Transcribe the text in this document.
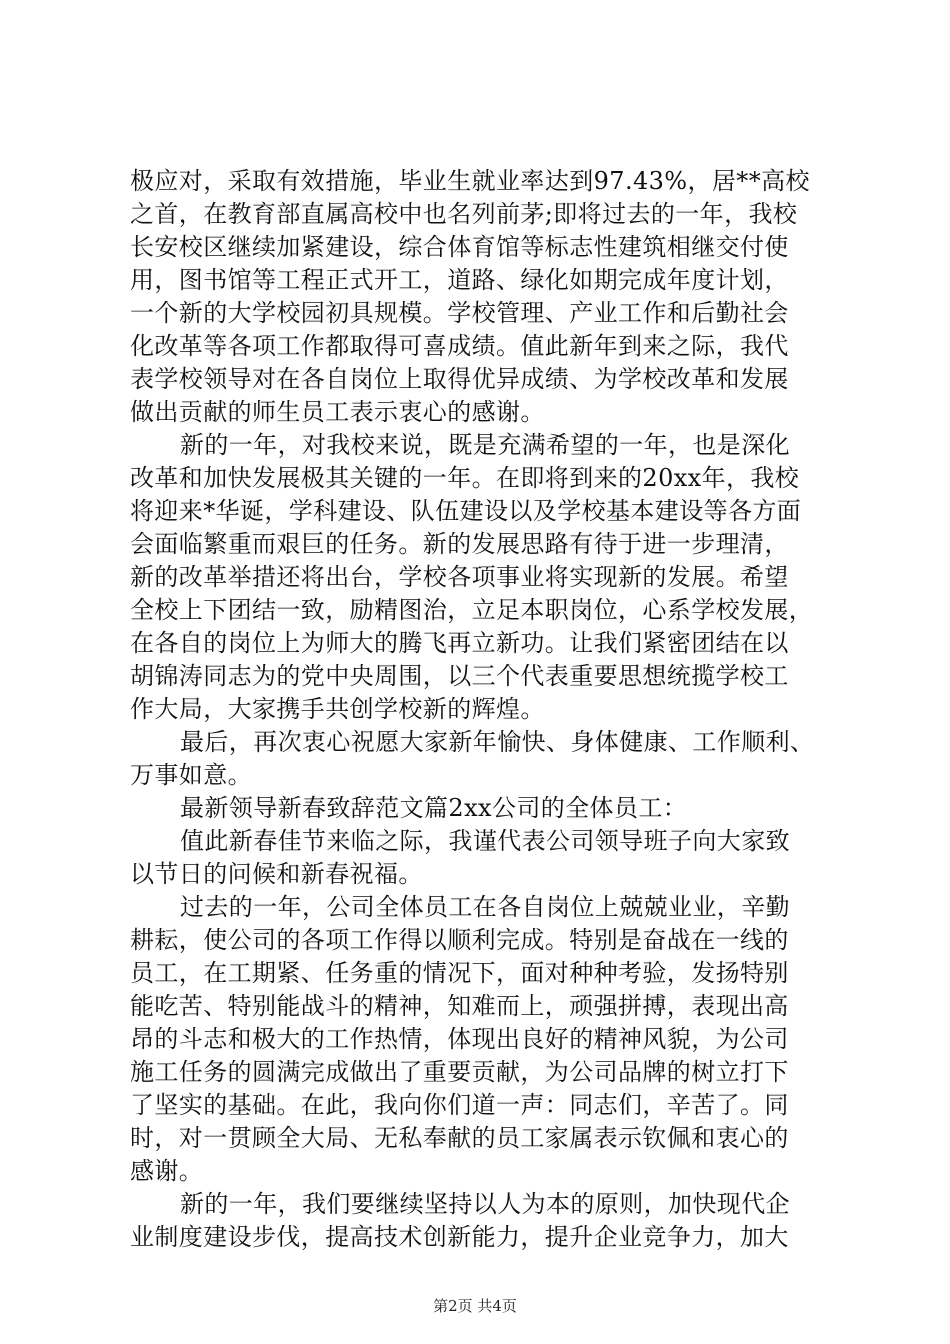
极应对，采取有效措施，毕业生就业率达到97.43%，居**高校
之首，在教育部直属高校中也名列前茅;即将过去的一年，我校
长安校区继续加紧建设，综合体育馆等标志性建筑相继交付使
用，图书馆等工程正式开工，道路、绿化如期完成年度计划，
一个新的大学校园初具规模。学校管理、产业工作和后勤社会
化改革等各项工作都取得可喜成绩。值此新年到来之际，我代
表学校领导对在各自岗位上取得优异成绩、为学校改革和发展
做出贡献的师生员工表示衷心的感谢。
新的一年，对我校来说，既是充满希望的一年，也是深化
改革和加快发展极其关键的一年。在即将到来的20xx年，我校
将迎来*华诞，学科建设、队伍建设以及学校基本建设等各方面
会面临繁重而艰巨的任务。新的发展思路有待于进一步理清，
新的改革举措还将出台，学校各项事业将实现新的发展。希望
全校上下团结一致，励精图治，立足本职岗位，心系学校发展，
在各自的岗位上为师大的腾飞再立新功。让我们紧密团结在以
胡锦涛同志为的党中央周围，以三个代表重要思想统揽学校工
作大局，大家携手共创学校新的辉煌。
最后，再次衷心祝愿大家新年愉快、身体健康、工作顺利、
万事如意。
最新领导新春致辞范文篇2xx公司的全体员工：
值此新春佳节来临之际，我谨代表公司领导班子向大家致
以节日的问候和新春祝福。
过去的一年，公司全体员工在各自岗位上兢兢业业，辛勤
耕耘，使公司的各项工作得以顺利完成。特别是奋战在一线的
员工，在工期紧、任务重的情况下，面对种种考验，发扬特别
能吃苦、特别能战斗的精神，知难而上，顽强拼搏，表现出高
昂的斗志和极大的工作热情，体现出良好的精神风貌，为公司
施工任务的圆满完成做出了重要贡献，为公司品牌的树立打下
了坚实的基础。在此，我向你们道一声：同志们，辛苦了。同
时，对一贯顾全大局、无私奉献的员工家属表示钦佩和衷心的
感谢。
新的一年，我们要继续坚持以人为本的原则，加快现代企
业制度建设步伐，提高技术创新能力，提升企业竞争力，加大
第2页 共4页
